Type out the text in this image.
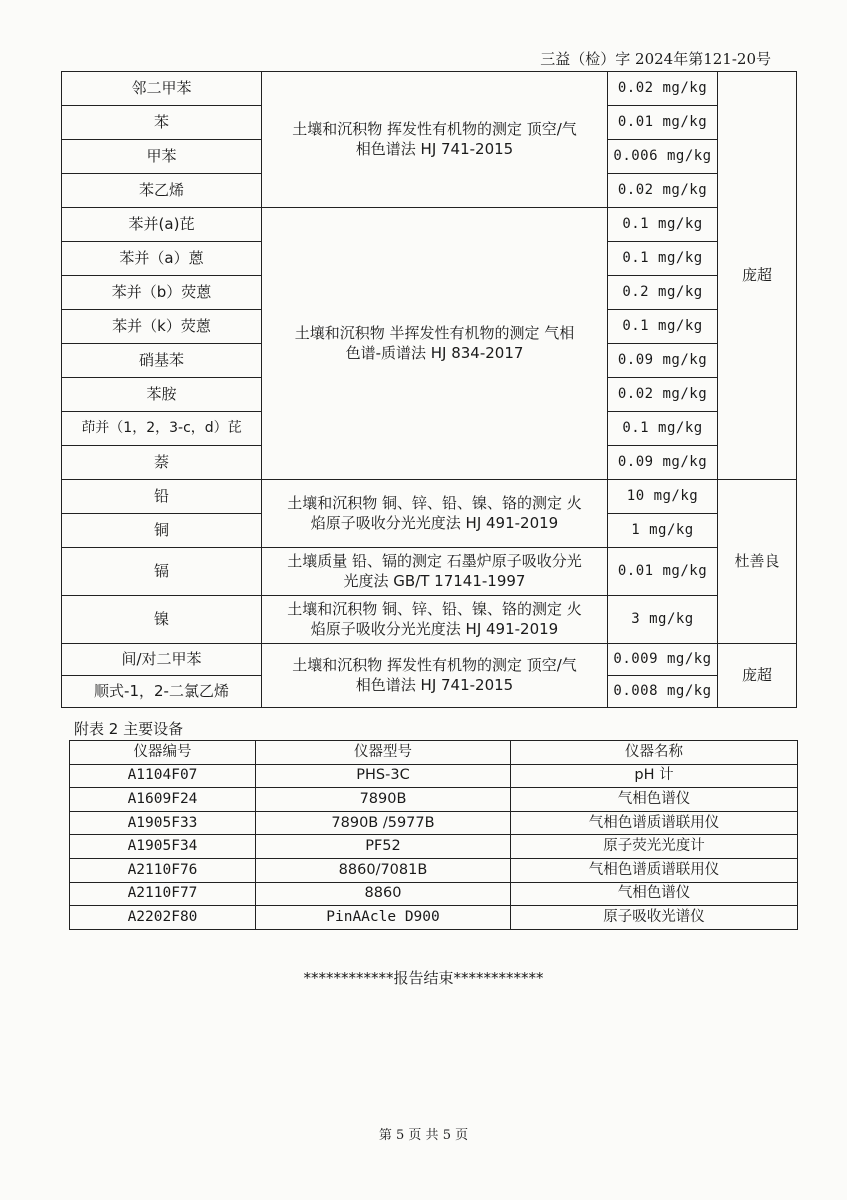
三益（检）字 2024年第121-20号
邻二甲苯	土壤和沉积物 挥发性有机物的测定 顶空/气相色谱法 HJ 741-2015	0.02 mg/kg	庞超
苯		0.01 mg/kg	
甲苯		0.006 mg/kg	
苯乙烯		0.02 mg/kg	
苯并(a)芘	土壤和沉积物 半挥发性有机物的测定 气相色谱-质谱法 HJ 834-2017	0.1 mg/kg	
苯并（a）蒽		0.1 mg/kg	
苯并（b）荧蒽		0.2 mg/kg	
苯并（k）荧蒽		0.1 mg/kg	
硝基苯		0.09 mg/kg	
苯胺		0.02 mg/kg	
茚并（1，2，3-c，d）芘		0.1 mg/kg	
萘		0.09 mg/kg	
铅	土壤和沉积物 铜、锌、铅、镍、铬的测定 火焰原子吸收分光光度法 HJ 491-2019	10 mg/kg	杜善良
铜		1 mg/kg	
镉	土壤质量 铅、镉的测定 石墨炉原子吸收分光光度法 GB/T 17141-1997	0.01 mg/kg	
镍	土壤和沉积物 铜、锌、铅、镍、铬的测定 火焰原子吸收分光光度法 HJ 491-2019	3 mg/kg	
间/对二甲苯	土壤和沉积物 挥发性有机物的测定 顶空/气相色谱法 HJ 741-2015	0.009 mg/kg	庞超
顺式-1，2-二氯乙烯		0.008 mg/kg	
附表 2 主要设备
仪器编号	仪器型号	仪器名称
A1104F07	PHS-3C	pH 计
A1609F24	7890B	气相色谱仪
A1905F33	7890B /5977B	气相色谱质谱联用仪
A1905F34	PF52	原子荧光光度计
A2110F76	8860/7081B	气相色谱质谱联用仪
A2110F77	8860	气相色谱仪
A2202F80	PinAAcle D900	原子吸收光谱仪
************报告结束************
第 5 页 共 5 页
